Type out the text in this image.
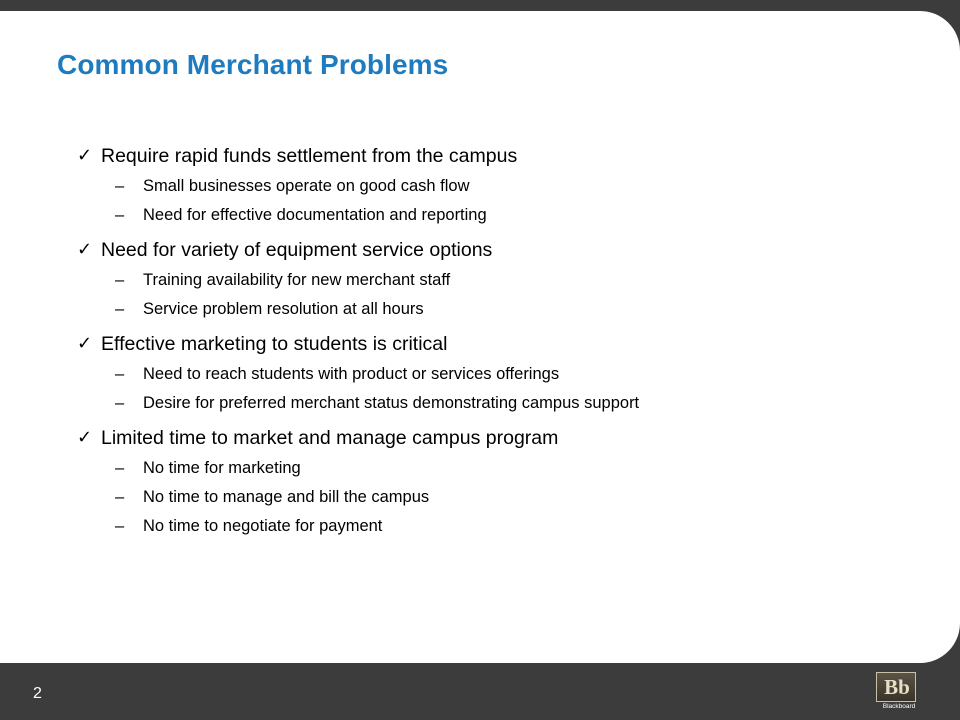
Common Merchant Problems
✓ Require rapid funds settlement from the campus
– Small businesses operate on good cash flow
– Need for effective documentation and reporting
✓ Need for variety of equipment service options
– Training availability for new merchant staff
– Service problem resolution at all hours
✓ Effective marketing to students is critical
– Need to reach students with product or services offerings
– Desire for preferred merchant status demonstrating campus support
✓ Limited time to market and manage campus program
– No time for marketing
– No time to manage and bill the campus
– No time to negotiate for payment
2	Bb
Blackboard
